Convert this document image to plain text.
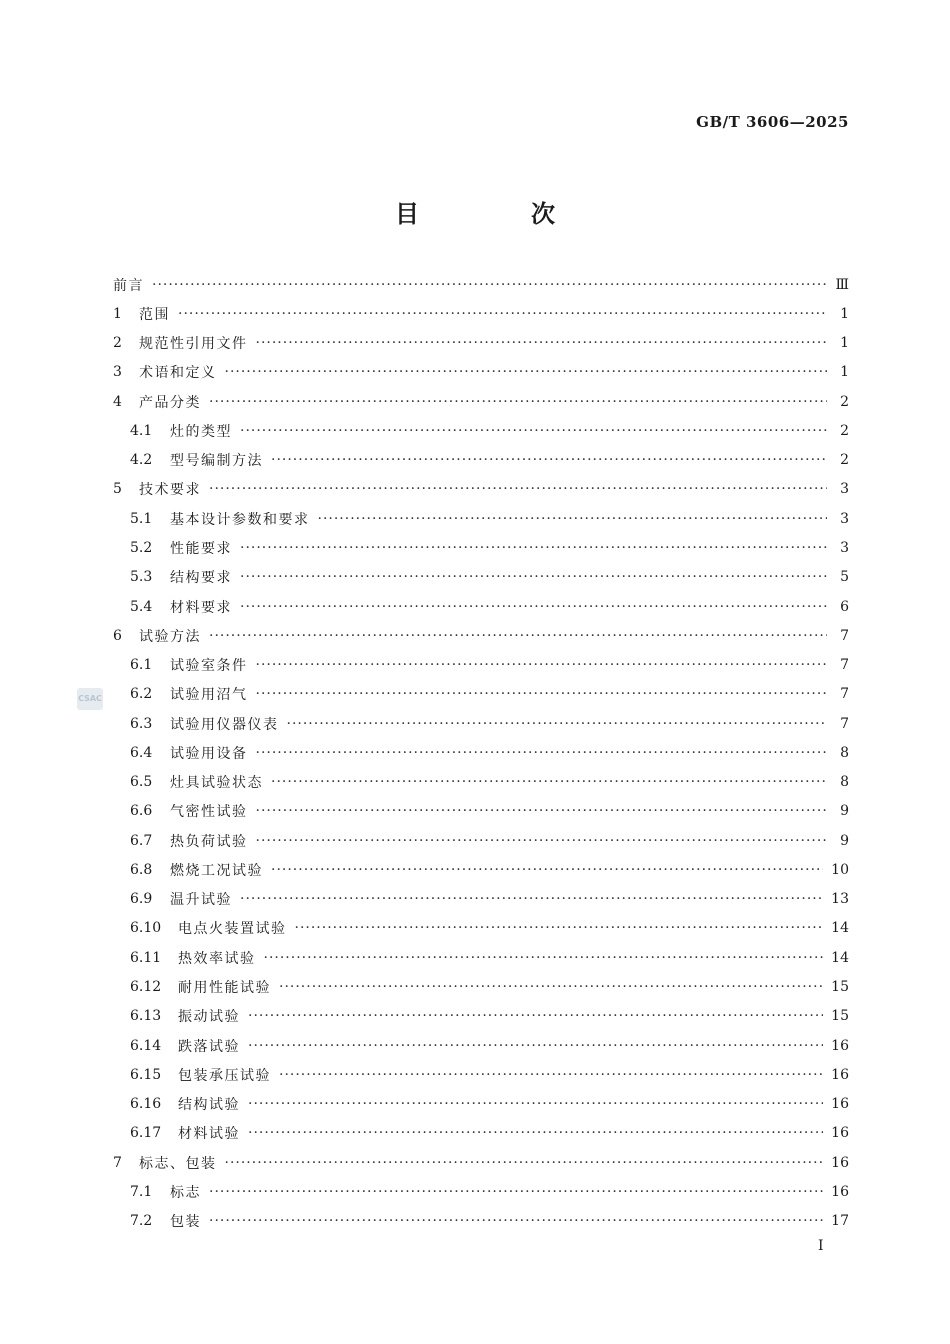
GB/T 3606—2025
目　次
CSAC
前言 ·····	Ⅲ
1	范围 ·····	1
2	规范性引用文件 ·····	1
3	术语和定义 ·····	1
4	产品分类 ·····	2
4.1	灶的类型 ·····	2
4.2	型号编制方法 ·····	2
5	技术要求 ·····	3
5.1	基本设计参数和要求 ·····	3
5.2	性能要求 ·····	3
5.3	结构要求 ·····	5
5.4	材料要求 ·····	6
6	试验方法 ·····	7
6.1	试验室条件 ·····	7
6.2	试验用沼气 ·····	7
6.3	试验用仪器仪表 ·····	7
6.4	试验用设备 ·····	8
6.5	灶具试验状态 ·····	8
6.6	气密性试验 ·····	9
6.7	热负荷试验 ·····	9
6.8	燃烧工况试验 ·····	10
6.9	温升试验 ·····	13
6.10	电点火装置试验 ·····	14
6.11	热效率试验 ·····	14
6.12	耐用性能试验 ·····	15
6.13	振动试验 ·····	15
6.14	跌落试验 ·····	16
6.15	包装承压试验 ·····	16
6.16	结构试验 ·····	16
6.17	材料试验 ·····	16
7	标志、包装 ·····	16
7.1	标志 ·····	16
7.2	包装 ·····	17
Ⅰ
